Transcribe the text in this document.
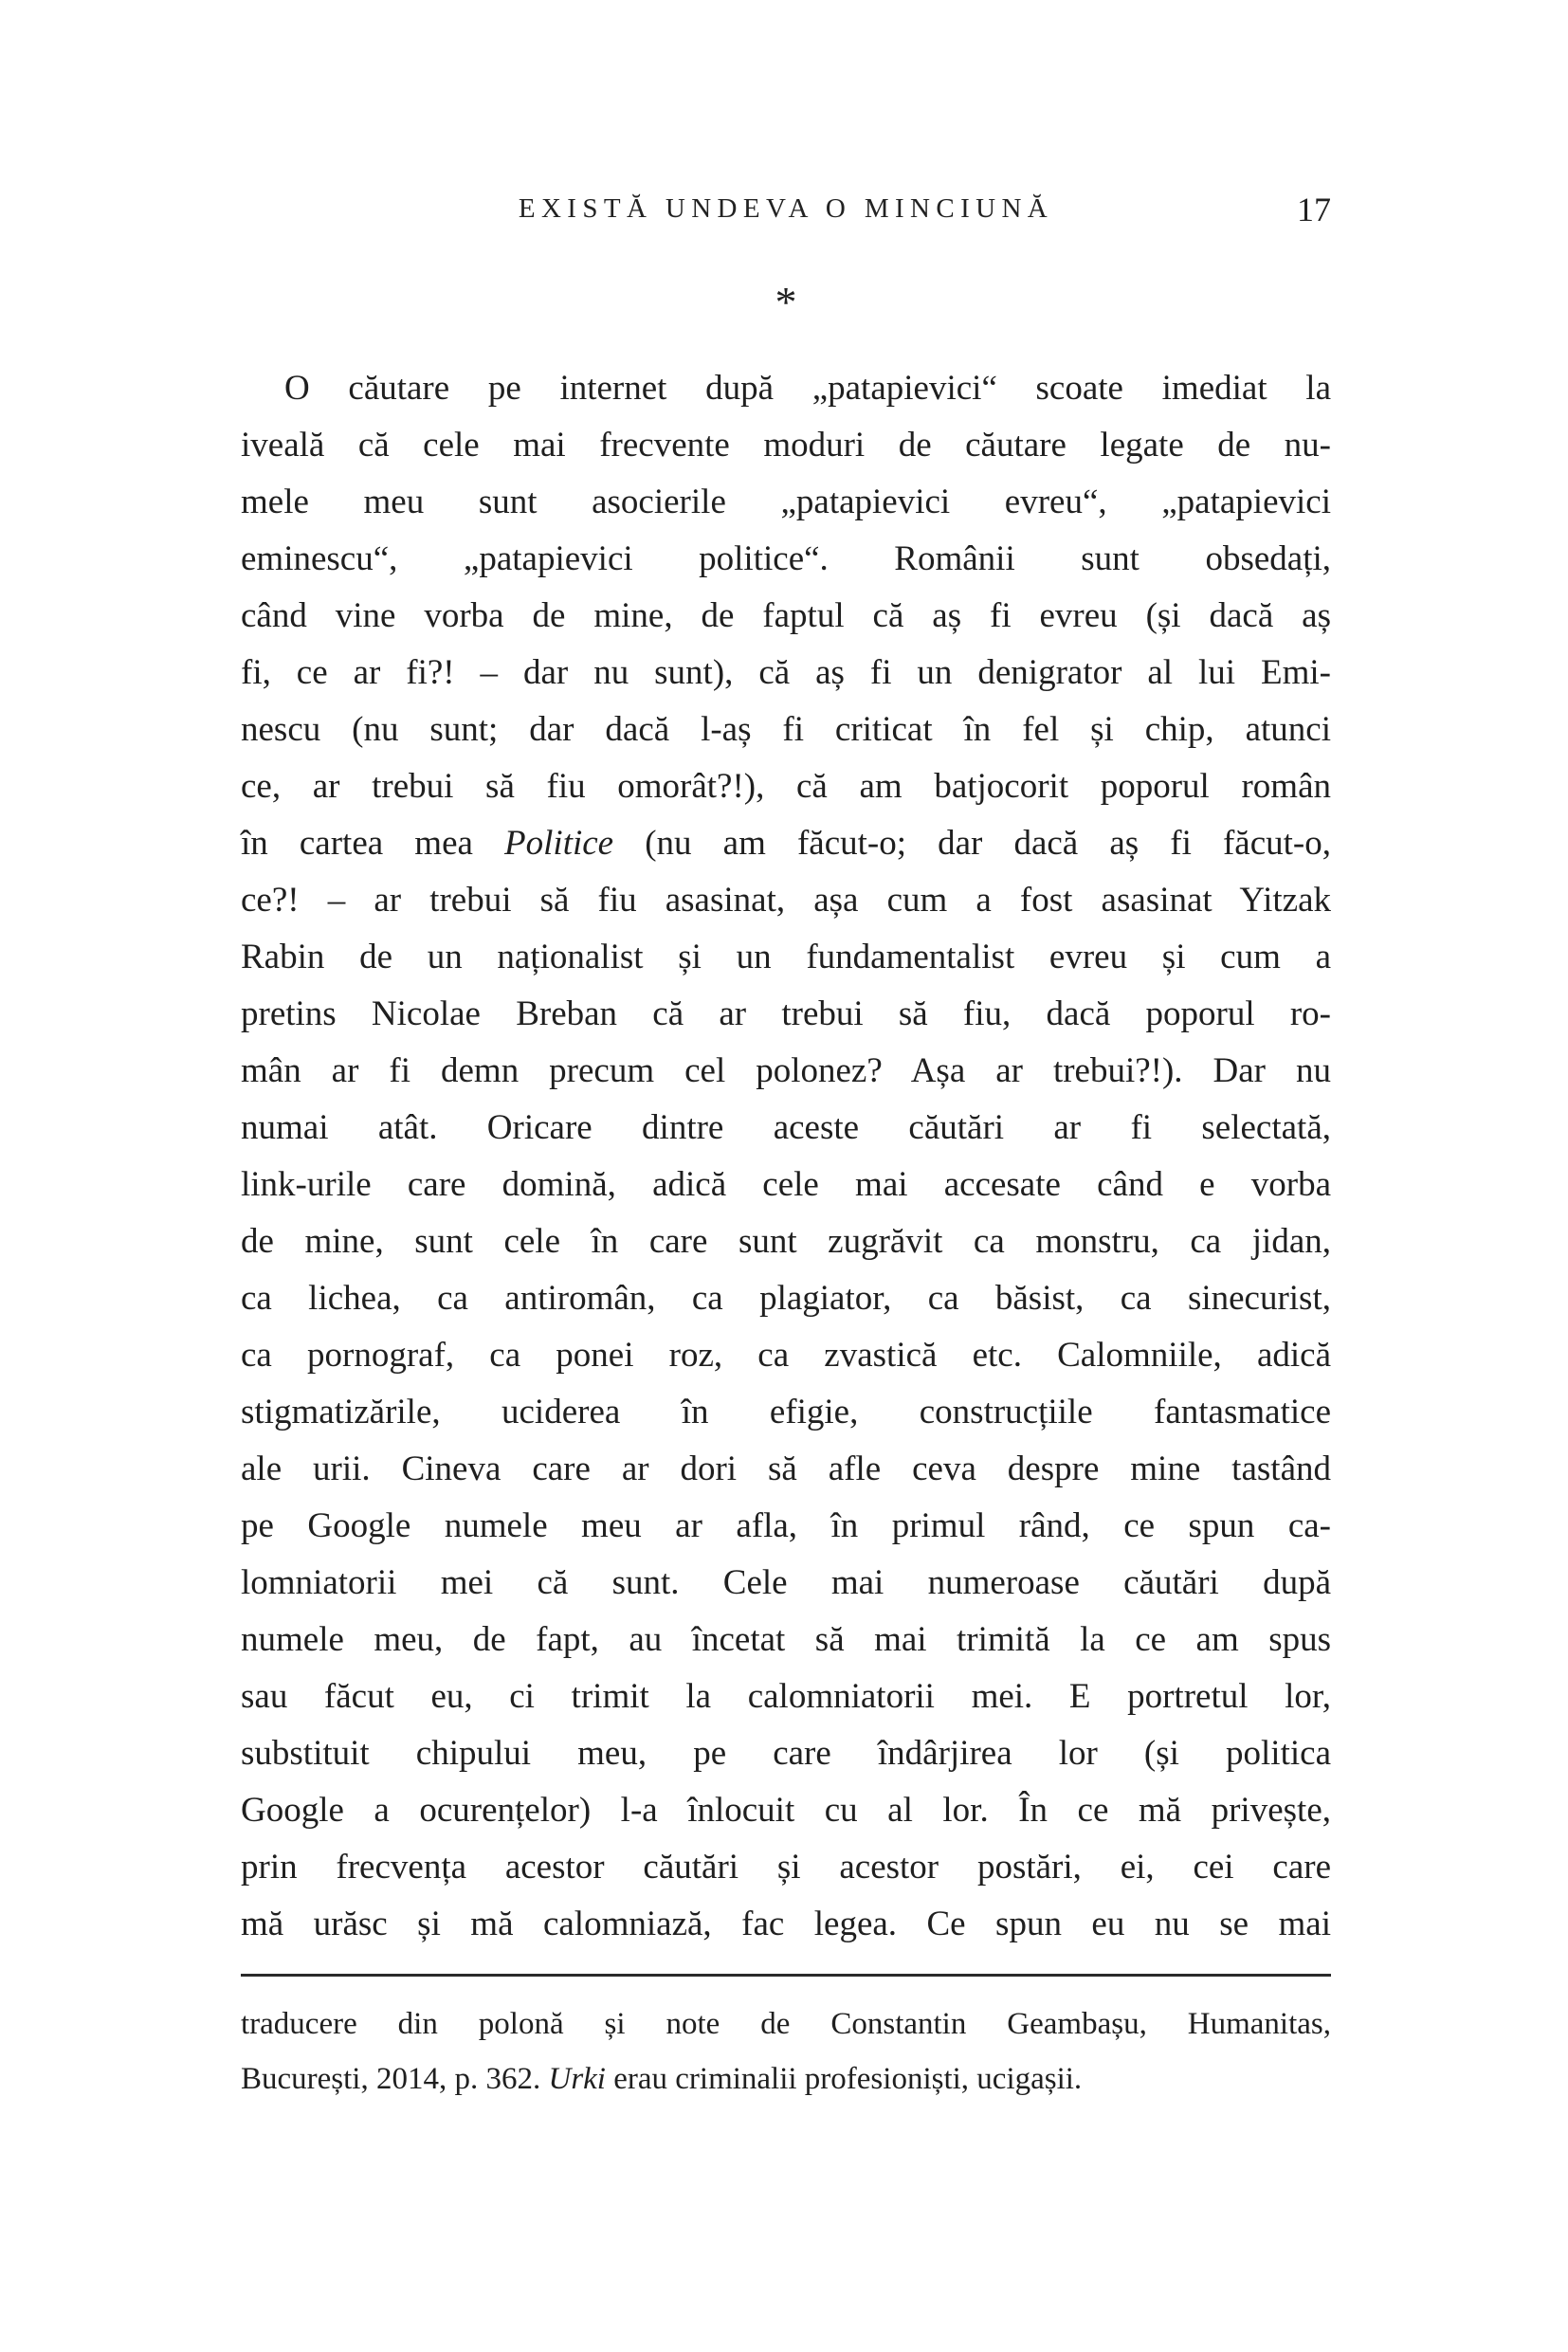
EXISTĂ UNDEVA O MINCIUNĂ	17
*
O căutare pe internet după „patapievici“ scoate imediat la
iveală că cele mai frecvente moduri de căutare legate de nu-
mele meu sunt asocierile „patapievici evreu“, „patapievici
eminescu“, „patapievici politice“. Românii sunt obsedați,
când vine vorba de mine, de faptul că aș fi evreu (și dacă aș
fi, ce ar fi?! – dar nu sunt), că aș fi un denigrator al lui Emi-
nescu (nu sunt; dar dacă l-aș fi criticat în fel și chip, atunci
ce, ar trebui să fiu omorât?!), că am batjocorit poporul român
în cartea mea Politice (nu am făcut-o; dar dacă aș fi făcut-o,
ce?! – ar trebui să fiu asasinat, așa cum a fost asasinat Yitzak
Rabin de un naționalist și un fundamentalist evreu și cum a
pretins Nicolae Breban că ar trebui să fiu, dacă poporul ro-
mân ar fi demn precum cel polonez? Așa ar trebui?!). Dar nu
numai atât. Oricare dintre aceste căutări ar fi selectată,
link-urile care domină, adică cele mai accesate când e vorba
de mine, sunt cele în care sunt zugrăvit ca monstru, ca jidan,
ca lichea, ca antiromân, ca plagiator, ca băsist, ca sinecurist,
ca pornograf, ca ponei roz, ca zvastică etc. Calomniile, adică
stigmatizările, uciderea în efigie, construcțiile fantasmatice
ale urii. Cineva care ar dori să afle ceva despre mine tastând
pe Google numele meu ar afla, în primul rând, ce spun ca-
lomniatorii mei că sunt. Cele mai numeroase căutări după
numele meu, de fapt, au încetat să mai trimită la ce am spus
sau făcut eu, ci trimit la calomniatorii mei. E portretul lor,
substituit chipului meu, pe care îndârjirea lor (și politica
Google a ocurențelor) l-a înlocuit cu al lor. În ce mă privește,
prin frecvența acestor căutări și acestor postări, ei, cei care
mă urăsc și mă calomniază, fac legea. Ce spun eu nu se mai
traducere din polonă și note de Constantin Geambașu, Humanitas,
București, 2014, p. 362. Urki erau criminalii profesioniști, ucigașii.
